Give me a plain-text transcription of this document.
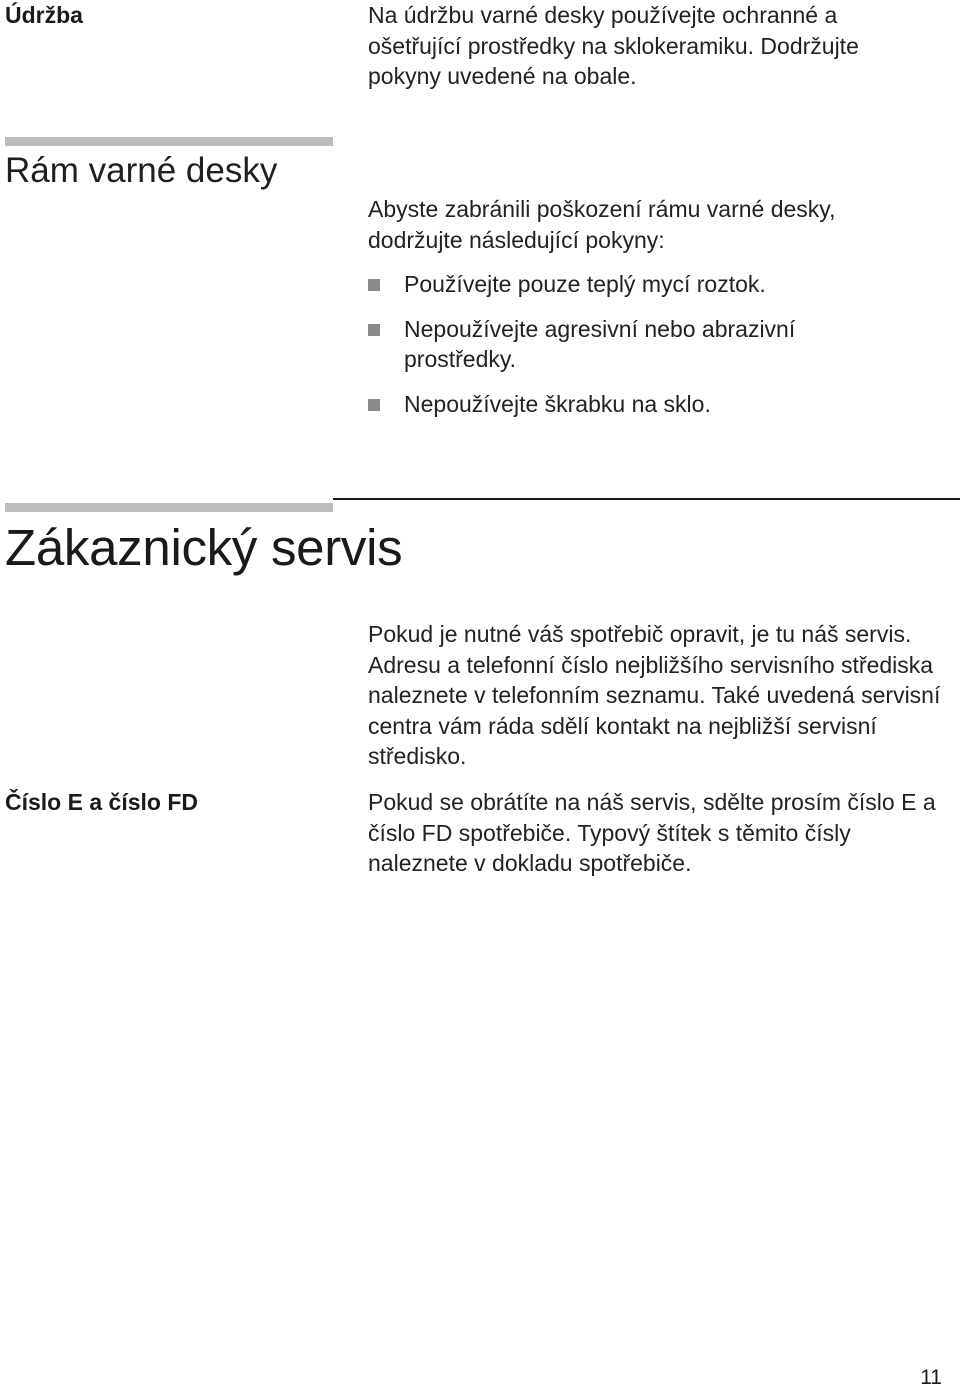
Údržba	Na údržbu varné desky používejte ochranné a ošetřující prostředky na sklokeramiku. Dodržujte pokyny uvedené na obale.
Rám varné desky
Abyste zabránili poškození rámu varné desky, dodržujte následující pokyny:
Používejte pouze teplý mycí roztok.
Nepoužívejte agresivní nebo abrazivní prostředky.
Nepoužívejte škrabku na sklo.
Zákaznický servis
Pokud je nutné váš spotřebič opravit, je tu náš servis. Adresu a telefonní číslo nejbližšího servisního střediska naleznete v telefonním seznamu. Také uvedená servisní centra vám ráda sdělí kontakt na nejbližší servisní středisko.
Číslo E a číslo FD	Pokud se obrátíte na náš servis, sdělte prosím číslo E a číslo FD spotřebiče. Typový štítek s těmito čísly naleznete v dokladu spotřebiče.
11
